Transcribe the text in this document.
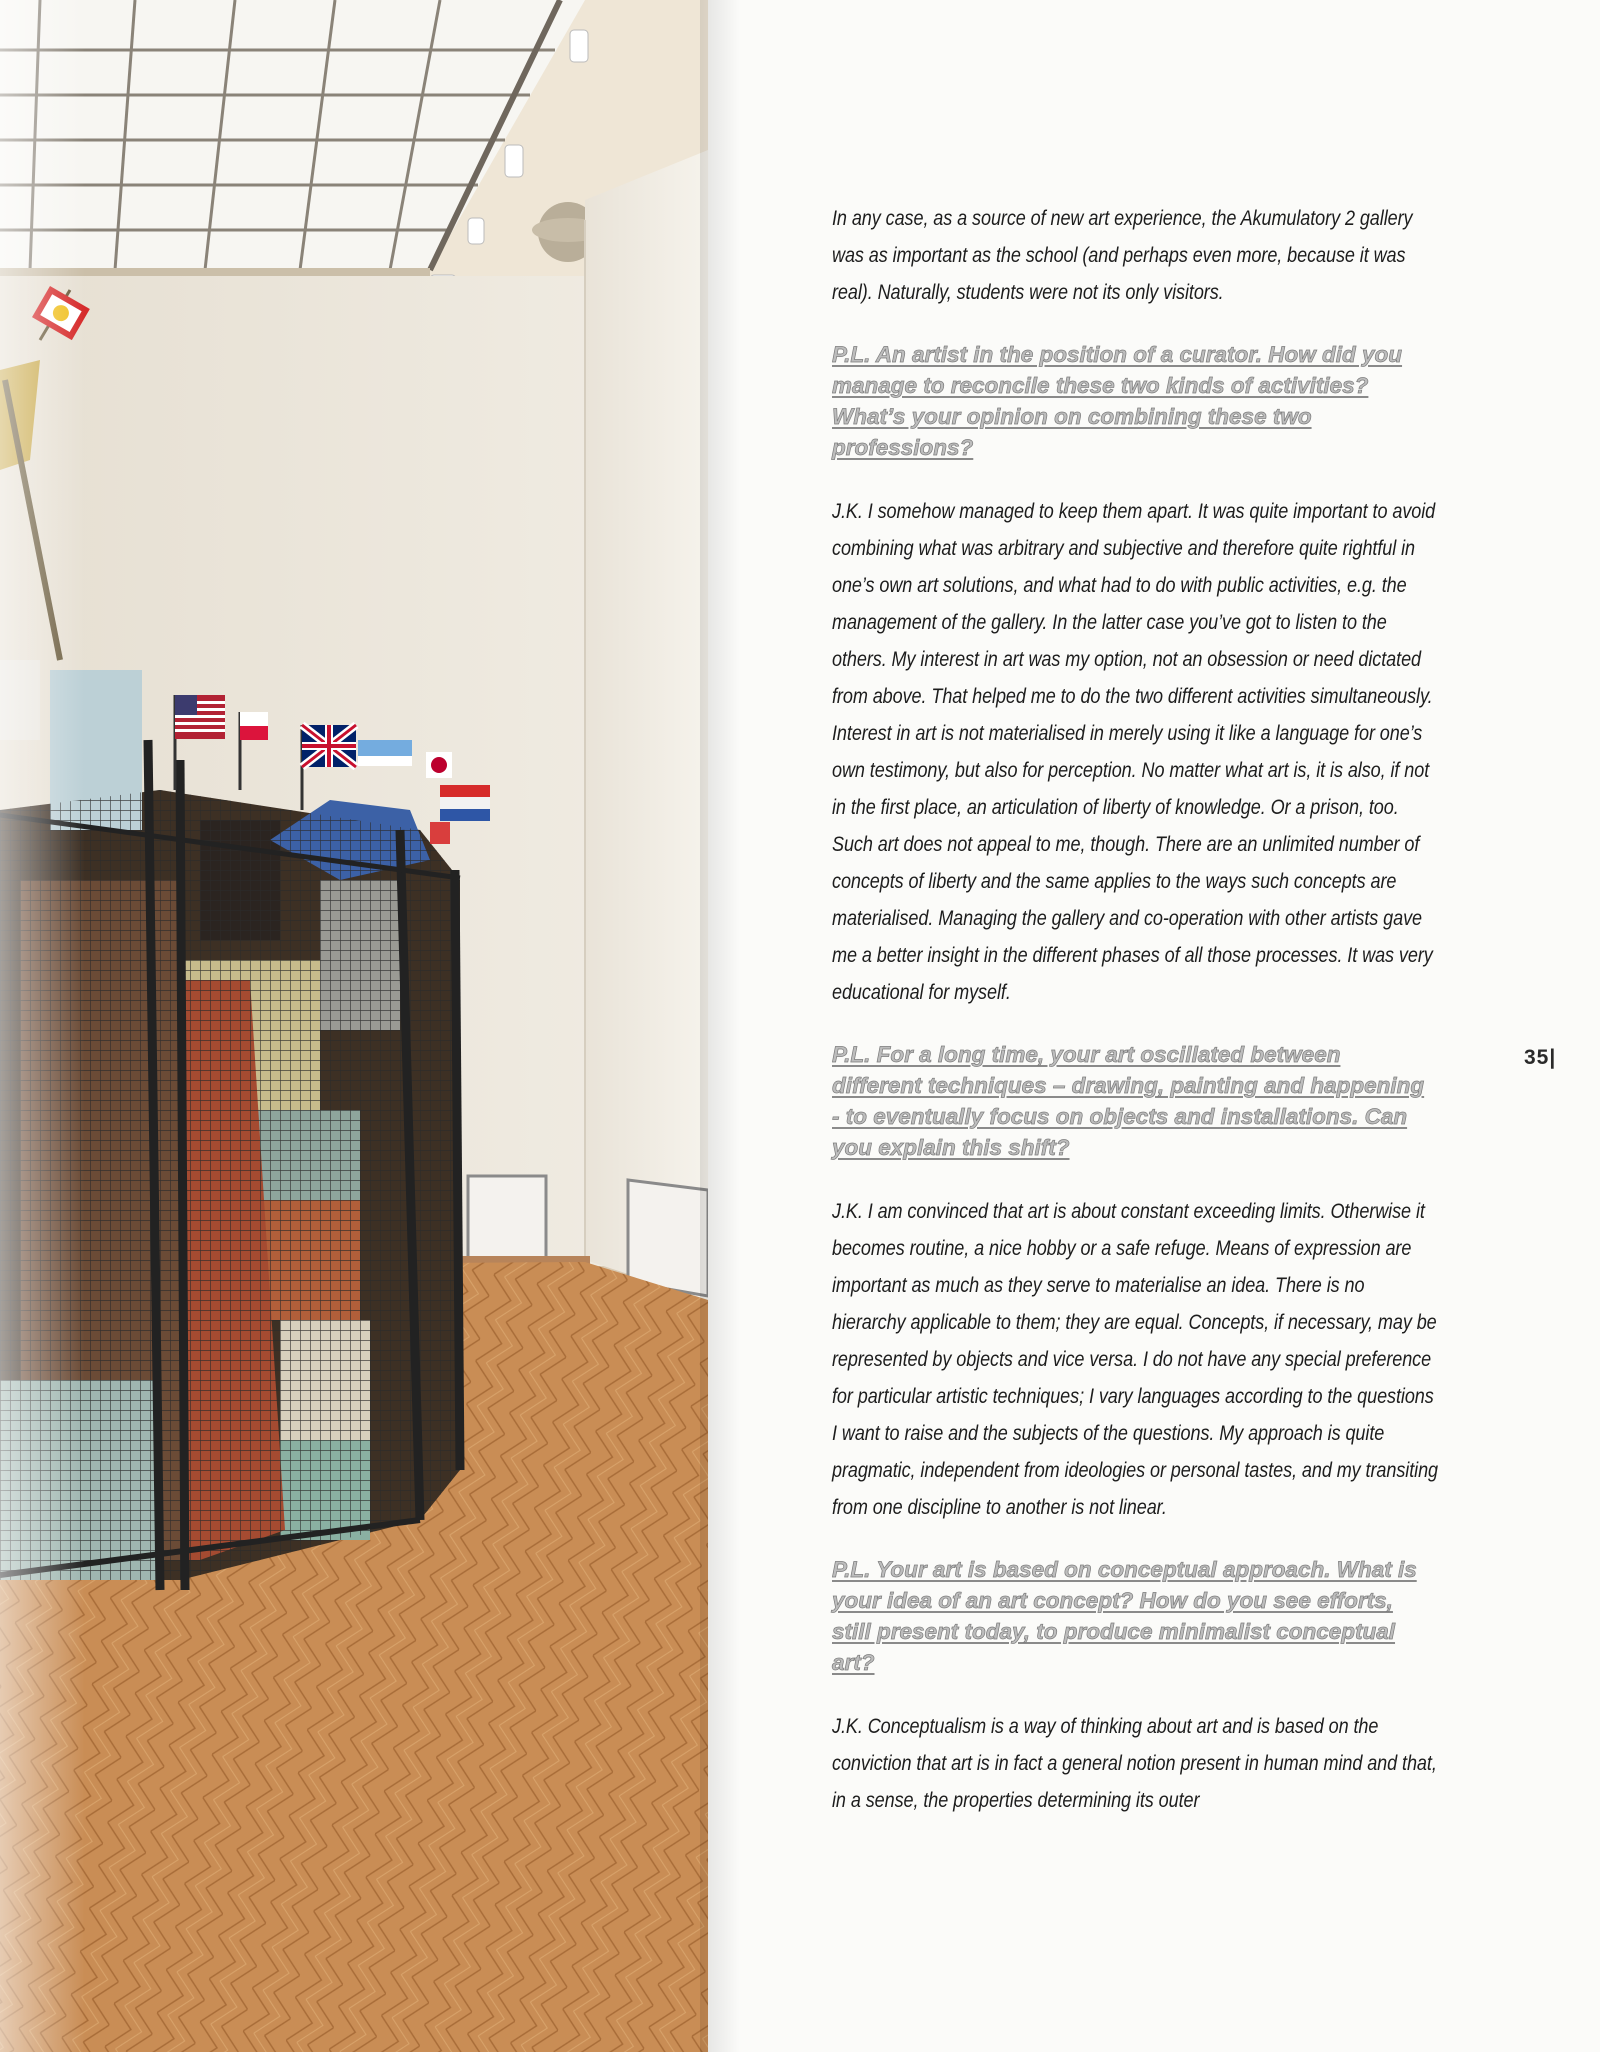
In any case, as a source of new art experience, the Akumulatory 2 gallery was as important as the school (and perhaps even more, because it was real). Naturally, students were not its only visitors.

P.L. An artist in the position of a curator. How did you manage to reconcile these two kinds of activities? What’s your opinion on combining these two professions?

J.K. I somehow managed to keep them apart. It was quite important to avoid combining what was arbitrary and subjective and therefore quite rightful in one’s own art solutions, and what had to do with public activities, e.g. the management of the gallery. In the latter case you’ve got to listen to the others. My interest in art was my option, not an obsession or need dictated from above. That helped me to do the two different activities simultaneously. Interest in art is not materialised in merely using it like a language for one’s own testimony, but also for perception. No matter what art is, it is also, if not in the first place, an articulation of liberty of knowledge. Or a prison, too. Such art does not appeal to me, though. There are an unlimited number of concepts of liberty and the same applies to the ways such concepts are materialised. Managing the gallery and co-operation with other artists gave me a better insight in the different phases of all those processes. It was very educational for myself.

P.L. For a long time, your art oscillated between different techniques – drawing, painting and happening - to eventually focus on objects and installations. Can you explain this shift?

J.K. I am convinced that art is about constant exceeding limits. Otherwise it becomes routine, a nice hobby or a safe refuge. Means of expression are important as much as they serve to materialise an idea. There is no hierarchy applicable to them; they are equal. Concepts, if necessary, may be represented by objects and vice versa. I do not have any special preference for particular artistic techniques; I vary languages according to the questions I want to raise and the subjects of the questions. My approach is quite pragmatic, independent from ideologies or personal tastes, and my transiting from one discipline to another is not linear.

P.L. Your art is based on conceptual approach. What is your idea of an art concept? How do you see efforts, still present today, to produce minimalist conceptual art?

J.K. Conceptualism is a way of thinking about art and is based on the conviction that art is in fact a general notion present in human mind and that, in a sense, the properties determining its outer

35|
